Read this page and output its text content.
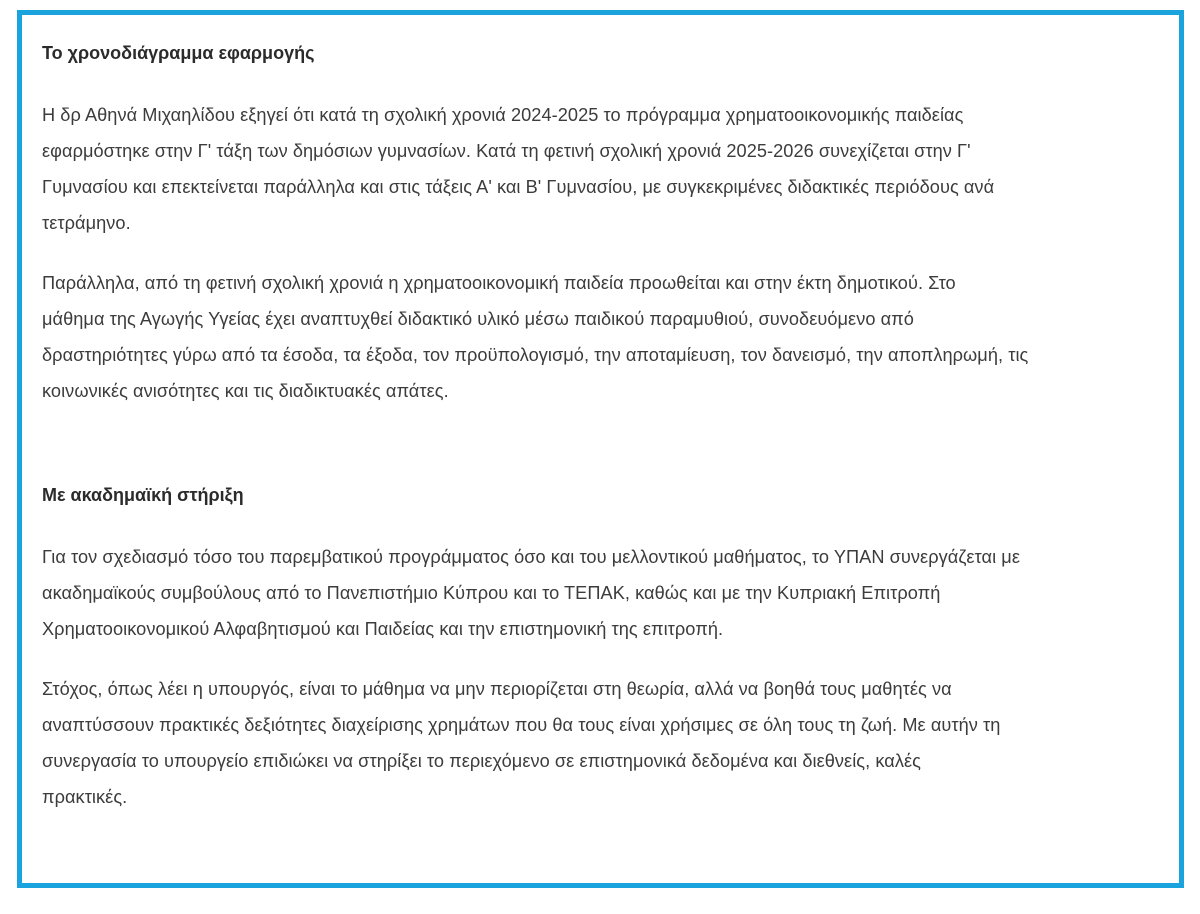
Το χρονοδιάγραμμα εφαρμογής

Η δρ Αθηνά Μιχαηλίδου εξηγεί ότι κατά τη σχολική χρονιά 2024-2025 το πρόγραμμα χρηματοοικονομικής παιδείας
εφαρμόστηκε στην Γ' τάξη των δημόσιων γυμνασίων. Κατά τη φετινή σχολική χρονιά 2025-2026 συνεχίζεται στην Γ'
Γυμνασίου και επεκτείνεται παράλληλα και στις τάξεις Α' και Β' Γυμνασίου, με συγκεκριμένες διδακτικές περιόδους ανά
τετράμηνο.

Παράλληλα, από τη φετινή σχολική χρονιά η χρηματοοικονομική παιδεία προωθείται και στην έκτη δημοτικού. Στο
μάθημα της Αγωγής Υγείας έχει αναπτυχθεί διδακτικό υλικό μέσω παιδικού παραμυθιού, συνοδευόμενο από
δραστηριότητες γύρω από τα έσοδα, τα έξοδα, τον προϋπολογισμό, την αποταμίευση, τον δανεισμό, την αποπληρωμή, τις
κοινωνικές ανισότητες και τις διαδικτυακές απάτες.

Με ακαδημαϊκή στήριξη

Για τον σχεδιασμό τόσο του παρεμβατικού προγράμματος όσο και του μελλοντικού μαθήματος, το ΥΠΑΝ συνεργάζεται με
ακαδημαϊκούς συμβούλους από το Πανεπιστήμιο Κύπρου και το ΤΕΠΑΚ, καθώς και με την Κυπριακή Επιτροπή
Χρηματοοικονομικού Αλφαβητισμού και Παιδείας και την επιστημονική της επιτροπή.

Στόχος, όπως λέει η υπουργός, είναι το μάθημα να μην περιορίζεται στη θεωρία, αλλά να βοηθά τους μαθητές να
αναπτύσσουν πρακτικές δεξιότητες διαχείρισης χρημάτων που θα τους είναι χρήσιμες σε όλη τους τη ζωή. Με αυτήν τη
συνεργασία το υπουργείο επιδιώκει να στηρίξει το περιεχόμενο σε επιστημονικά δεδομένα και διεθνείς, καλές
πρακτικές.
